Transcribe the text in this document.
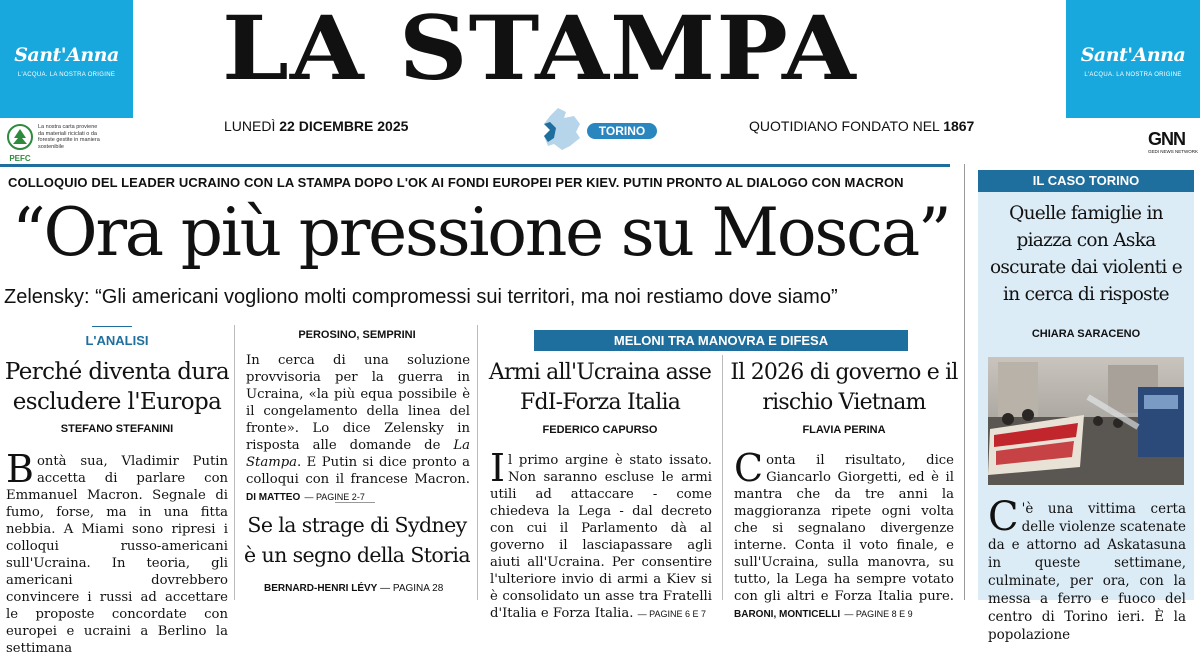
Sant'Anna
L'ACQUA. LA NOSTRA ORIGINE
PEFC
La nostra carta proviene da materiali riciclati o da foreste gestite in maniera sostenibile
LA STAMPA
LUNEDÌ 22 DICEMBRE 2025	TORINO	QUOTIDIANO FONDATO NEL 1867
Sant'Anna
L'ACQUA. LA NOSTRA ORIGINE
GNN
GEDI NEWS NETWORK
COLLOQUIO DEL LEADER UCRAINO CON LA STAMPA DOPO L'OK AI FONDI EUROPEI PER KIEV. PUTIN PRONTO AL DIALOGO CON MACRON
“Ora più pressione su Mosca”
Zelensky: “Gli americani vogliono molti compromessi sui territori, ma noi restiamo dove siamo”
L'ANALISI
Perché diventa dura escludere l'Europa
STEFANO STEFANINI
Bontà sua, Vladimir Putin accetta di parlare con Emmanuel Macron. Segnale di fumo, forse, ma in una fitta nebbia. A Miami sono ripresi i colloqui russo-americani sull'Ucraina. In teoria, gli americani dovrebbero convincere i russi ad accettare le proposte concordate con europei e ucraini a Berlino la settimana
PEROSINO, SEMPRINI
In cerca di una soluzione provvisoria per la guerra in Ucraina, «la più equa possibile è il congelamento della linea del fronte». Lo dice Zelensky in risposta alle domande de La Stampa. E Putin si dice pronto a colloqui con il francese Macron. DI MATTEO — PAGINE 2-7
Se la strage di Sydney è un segno della Storia
BERNARD-HENRI LÉVY — PAGINA 28
MELONI TRA MANOVRA E DIFESA
Armi all'Ucraina asse FdI-Forza Italia
FEDERICO CAPURSO
Il primo argine è stato issato. Non saranno escluse le armi utili ad attaccare - come chiedeva la Lega - dal decreto con cui il Parlamento dà al governo il lasciapassare agli aiuti all'Ucraina. Per consentire l'ulteriore invio di armi a Kiev si è consolidato un asse tra Fratelli d'Italia e Forza Italia. — PAGINE 6 E 7
Il 2026 di governo e il rischio Vietnam
FLAVIA PERINA
Conta il risultato, dice Giancarlo Giorgetti, ed è il mantra che da tre anni la maggioranza ripete ogni volta che si segnalano divergenze interne. Conta il voto finale, e sull'Ucraina, sulla manovra, su tutto, la Lega ha sempre votato con gli altri e Forza Italia pure. BARONI, MONTICELLI — PAGINE 8 E 9
IL CASO TORINO
Quelle famiglie in piazza con Aska oscurate dai violenti e in cerca di risposte
CHIARA SARACENO
C 'è una vittima certa delle violenze scatenate da e attorno ad Askatasuna in queste settimane, culminate, per ora, con la messa a ferro e fuoco del centro di Torino ieri. È la popolazione
